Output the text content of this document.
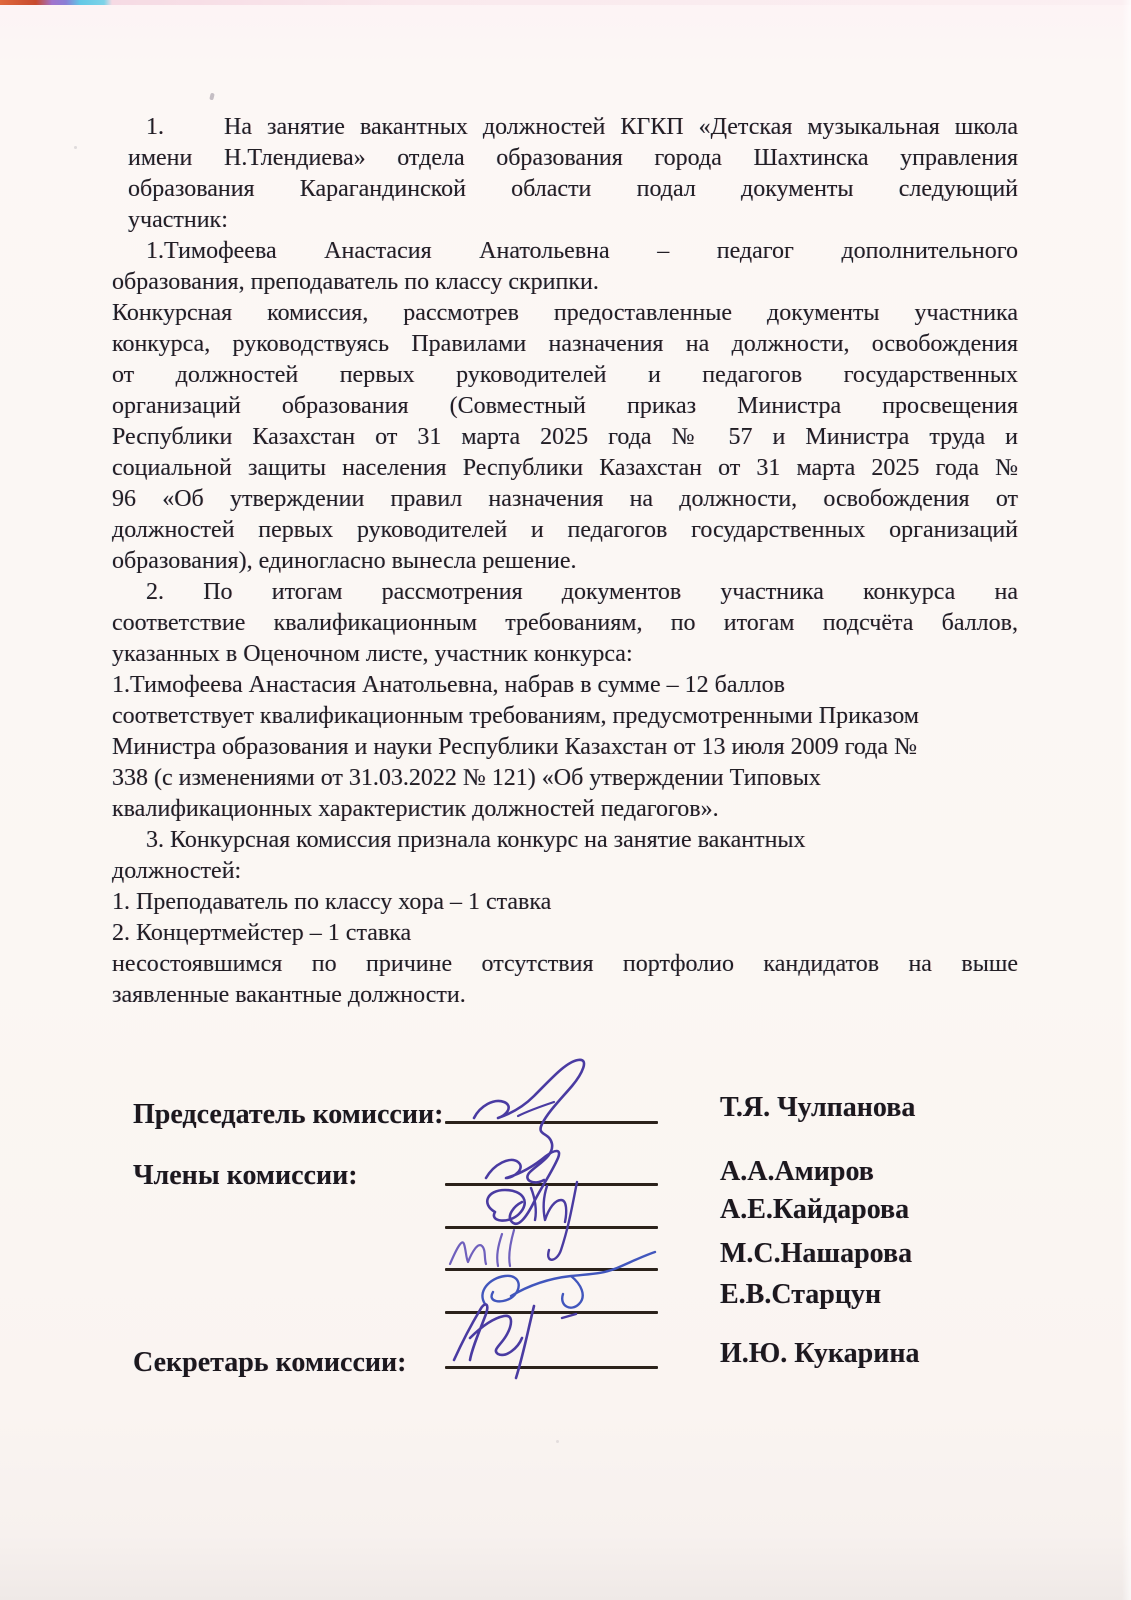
1.    На занятие вакантных должностей КГКП «Детская музыкальная школа
имени Н.Тлендиева» отдела образования города Шахтинска управления
образования Карагандинской области подал документы следующий
участник:
1.Тимофеева Анастасия Анатольевна – педагог дополнительного
образования, преподаватель по классу скрипки.
Конкурсная комиссия, рассмотрев предоставленные документы участника
конкурса, руководствуясь Правилами назначения на должности, освобождения
от должностей первых руководителей и педагогов государственных
организаций образования (Совместный приказ Министра просвещения
Республики Казахстан от 31 марта 2025 года № 57 и Министра труда и
социальной защиты населения Республики Казахстан от 31 марта 2025 года №
96 «Об утверждении правил назначения на должности, освобождения от
должностей первых руководителей и педагогов государственных организаций
образования), единогласно вынесла решение.
2. По итогам рассмотрения документов участника конкурса на
соответствие квалификационным требованиям, по итогам подсчёта баллов,
указанных в Оценочном листе, участник конкурса:
1.Тимофеева Анастасия Анатольевна, набрав в сумме – 12 баллов
соответствует квалификационным требованиям, предусмотренными Приказом
Министра образования и науки Республики Казахстан от 13 июля 2009 года №
338 (с изменениями от 31.03.2022 № 121) «Об утверждении Типовых
квалификационных характеристик должностей педагогов».
3. Конкурсная комиссия признала конкурс на занятие вакантных
должностей:
1. Преподаватель по классу хора – 1 ставка
2. Концертмейстер – 1 ставка
несостоявшимся по причине отсутствия портфолио кандидатов на выше
заявленные вакантные должности.
Председатель комиссии:
Члены комиссии:
Секретарь комиссии:
Т.Я. Чулпанова
А.А.Амиров
А.Е.Кайдарова
М.С.Нашарова
Е.В.Старцун
И.Ю. Кукарина
